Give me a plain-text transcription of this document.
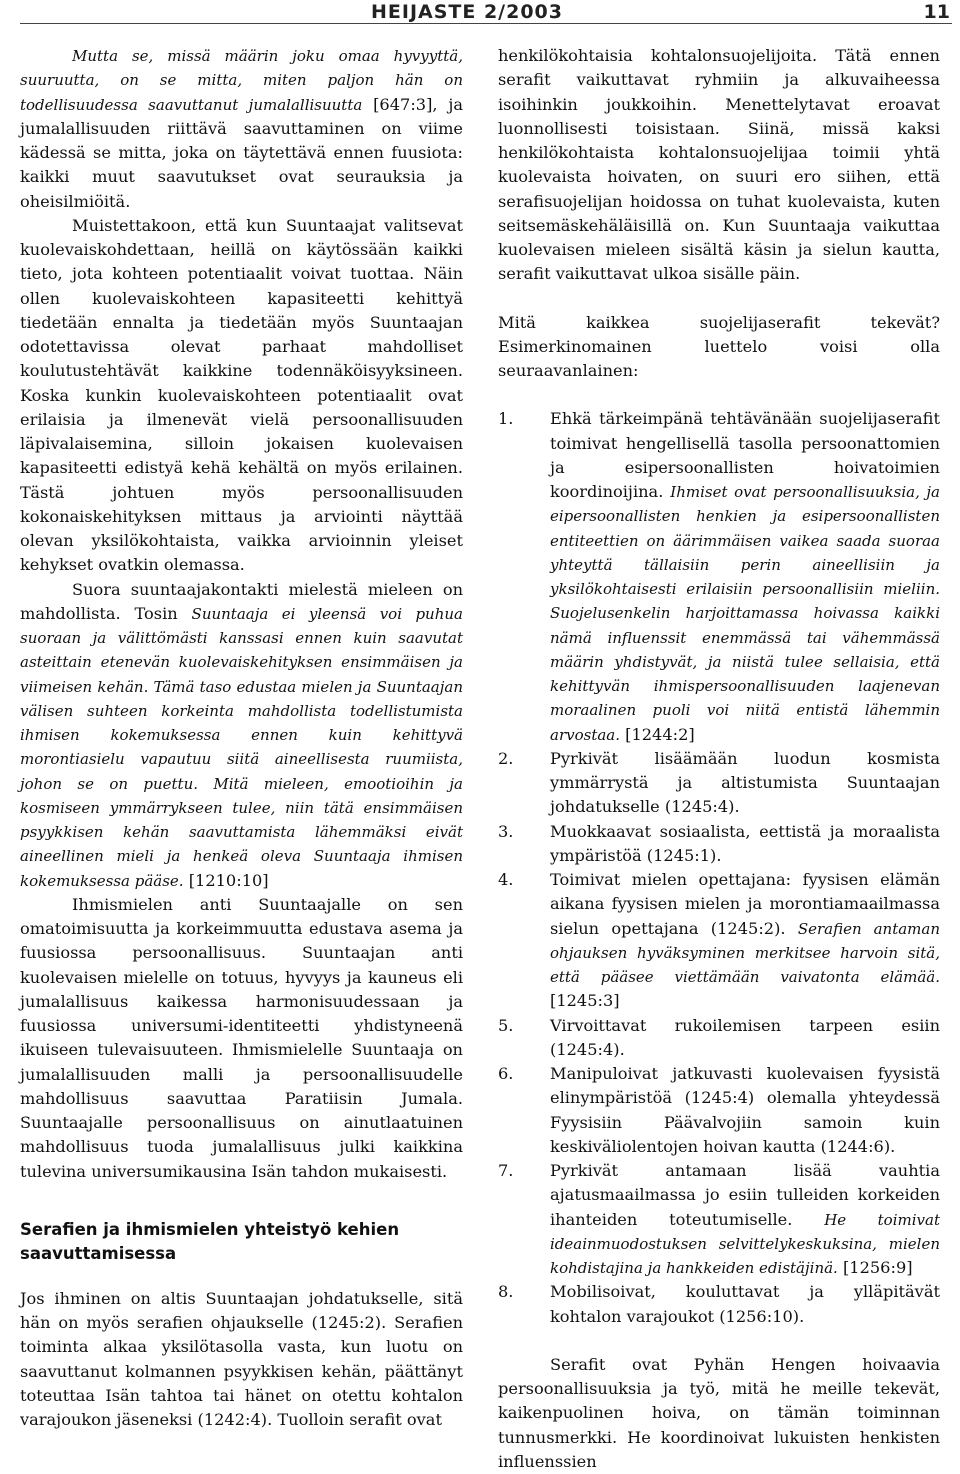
HEIJASTE 2/2003	11

Mutta se, missä määrin joku omaa hyvyyttä, suuruutta, on se mitta, miten paljon hän on todellisuudessa saavuttanut jumalallisuutta [647:3], ja jumalallisuuden riittävä saavuttaminen on viime kädessä se mitta, joka on täytettävä ennen fuusiota: kaikki muut saavutukset ovat seurauksia ja oheisilmiöitä.

Muistettakoon, että kun Suuntaajat valitsevat kuolevaiskohdettaan, heillä on käytössään kaikki tieto, jota kohteen potentiaalit voivat tuottaa. Näin ollen kuolevaiskohteen kapasiteetti kehittyä tiedetään ennalta ja tiedetään myös Suuntaajan odotettavissa olevat parhaat mahdolliset koulutustehtävät kaikkine todennäköisyyksineen. Koska kunkin kuolevaiskohteen potentiaalit ovat erilaisia ja ilmenevät vielä persoonallisuuden läpivalaisemina, silloin jokaisen kuolevaisen kapasiteetti edistyä kehä kehältä on myös erilainen. Tästä johtuen myös persoonallisuuden kokonaiskehityksen mittaus ja arviointi näyttää olevan yksilökohtaista, vaikka arvioinnin yleiset kehykset ovatkin olemassa.

Suora suuntaajakontakti mielestä mieleen on mahdollista. Tosin Suuntaaja ei yleensä voi puhua suoraan ja välittömästi kanssasi ennen kuin saavutat asteittain etenevän kuolevaiskehityksen ensimmäisen ja viimeisen kehän. Tämä taso edustaa mielen ja Suuntaajan välisen suhteen korkeinta mahdollista todellistumista ihmisen kokemuksessa ennen kuin kehittyvä morontiasielu vapautuu siitä aineellisesta ruumiista, johon se on puettu. Mitä mieleen, emootioihin ja kosmiseen ymmärrykseen tulee, niin tätä ensimmäisen psyykkisen kehän saavuttamista lähemmäksi eivät aineellinen mieli ja henkeä oleva Suuntaaja ihmisen kokemuksessa pääse. [1210:10]

Ihmismielen anti Suuntaajalle on sen omatoimisuutta ja korkeimmuutta edustava asema ja fuusiossa persoonallisuus. Suuntaajan anti kuolevaisen mielelle on totuus, hyvyys ja kauneus eli jumalallisuus kaikessa harmonisuudessaan ja fuusiossa universumi-identiteetti yhdistyneenä ikuiseen tulevaisuuteen. Ihmismielelle Suuntaaja on jumalallisuuden malli ja persoonallisuudelle mahdollisuus saavuttaa Paratiisin Jumala. Suuntaajalle persoonallisuus on ainutlaatuinen mahdollisuus tuoda jumalallisuus julki kaikkina tulevina universumikausina Isän tahdon mukaisesti.

Serafien ja ihmismielen yhteistyö kehien saavuttamisessa

Jos ihminen on altis Suuntaajan johdatukselle, sitä hän on myös serafien ohjaukselle (1245:2). Serafien toiminta alkaa yksilötasolla vasta, kun luotu on saavuttanut kolmannen psyykkisen kehän, päättänyt toteuttaa Isän tahtoa tai hänet on otettu kohtalon varajoukon jäseneksi (1242:4). Tuolloin serafit ovat

henkilökohtaisia kohtalonsuojelijoita. Tätä ennen serafit vaikuttavat ryhmiin ja alkuvaiheessa isoihinkin joukkoihin. Menettelytavat eroavat luonnollisesti toisistaan. Siinä, missä kaksi henkilökohtaista kohtalonsuojelijaa toimii yhtä kuolevaista hoivaten, on suuri ero siihen, että serafisuojelijan hoidossa on tuhat kuolevaista, kuten seitsemäskehäläisillä on. Kun Suuntaaja vaikuttaa kuolevaisen mieleen sisältä käsin ja sielun kautta, serafit vaikuttavat ulkoa sisälle päin.

Mitä kaikkea suojelijaserafit tekevät? Esimerkinomainen luettelo voisi olla seuraavanlainen:

1. Ehkä tärkeimpänä tehtävänään suojelijaserafit toimivat hengellisellä tasolla persoonattomien ja esipersoonallisten hoivatoimien koordinoijina. Ihmiset ovat persoonallisuuksia, ja eipersoonallisten henkien ja esipersoonallisten entiteettien on äärimmäisen vaikea saada suoraa yhteyttä tällaisiin perin aineellisiin ja yksilökohtaisesti erilaisiin persoonallisiin mieliin. Suojelusenkelin harjoittamassa hoivassa kaikki nämä influenssit enemmässä tai vähemmässä määrin yhdistyvät, ja niistä tulee sellaisia, että kehittyvän ihmispersoonallisuuden laajenevan moraalinen puoli voi niitä entistä lähemmin arvostaa. [1244:2]
2. Pyrkivät lisäämään luodun kosmista ymmärrystä ja altistumista Suuntaajan johdatukselle (1245:4).
3. Muokkaavat sosiaalista, eettistä ja moraalista ympäristöä (1245:1).
4. Toimivat mielen opettajana: fyysisen elämän aikana fyysisen mielen ja morontiamaailmassa sielun opettajana (1245:2). Serafien antaman ohjauksen hyväksyminen merkitsee harvoin sitä, että pääsee viettämään vaivatonta elämää. [1245:3]
5. Virvoittavat rukoilemisen tarpeen esiin (1245:4).
6. Manipuloivat jatkuvasti kuolevaisen fyysistä elinympäristöä (1245:4) olemalla yhteydessä Fyysisiin Päävalvojiin samoin kuin keskiväliolentojen hoivan kautta (1244:6).
7. Pyrkivät antamaan lisää vauhtia ajatusmaailmassa jo esiin tulleiden korkeiden ihanteiden toteutumiselle. He toimivat ideainmuodostuksen selvittelykeskuksina, mielen kohdistajina ja hankkeiden edistäjinä. [1256:9]
8. Mobilisoivat, kouluttavat ja ylläpitävät kohtalon varajoukot (1256:10).

Serafit ovat Pyhän Hengen hoivaavia persoonallisuuksia ja työ, mitä he meille tekevät, kaikenpuolinen hoiva, on tämän toiminnan tunnusmerkki. He koordinoivat lukuisten henkisten influenssien
